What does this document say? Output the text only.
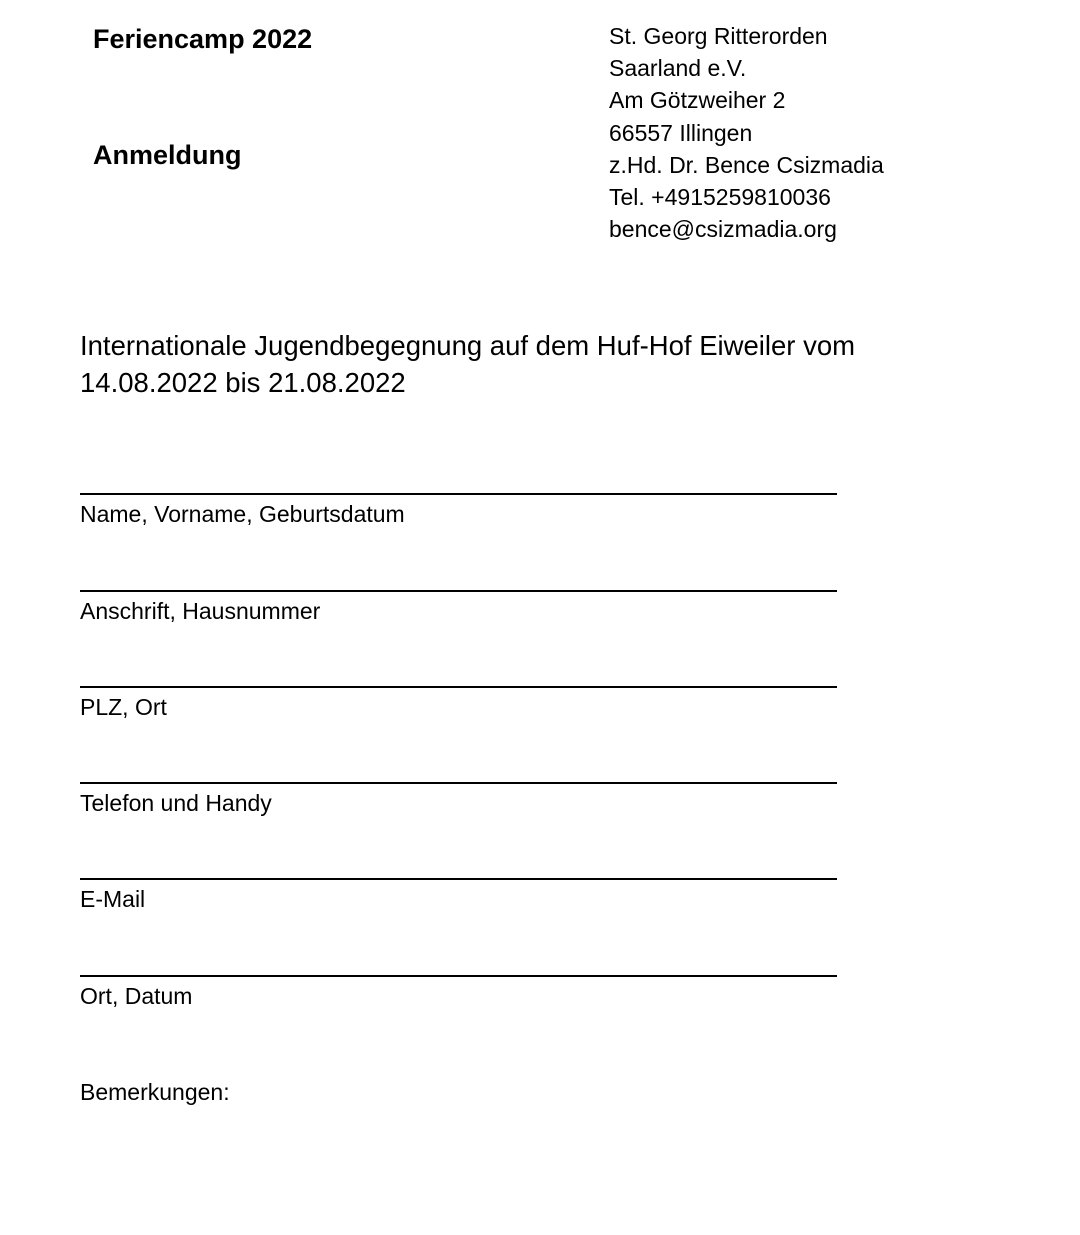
Feriencamp 2022
Anmeldung
St. Georg Ritterorden
Saarland e.V.
Am Götzweiher 2
66557 Illingen
z.Hd. Dr. Bence Csizmadia
Tel. +4915259810036
bence@csizmadia.org
Internationale Jugendbegegnung auf dem Huf-Hof Eiweiler vom
14.08.2022 bis 21.08.2022
Name, Vorname, Geburtsdatum
Anschrift, Hausnummer
PLZ, Ort
Telefon und Handy
E-Mail
Ort, Datum
Bemerkungen:
